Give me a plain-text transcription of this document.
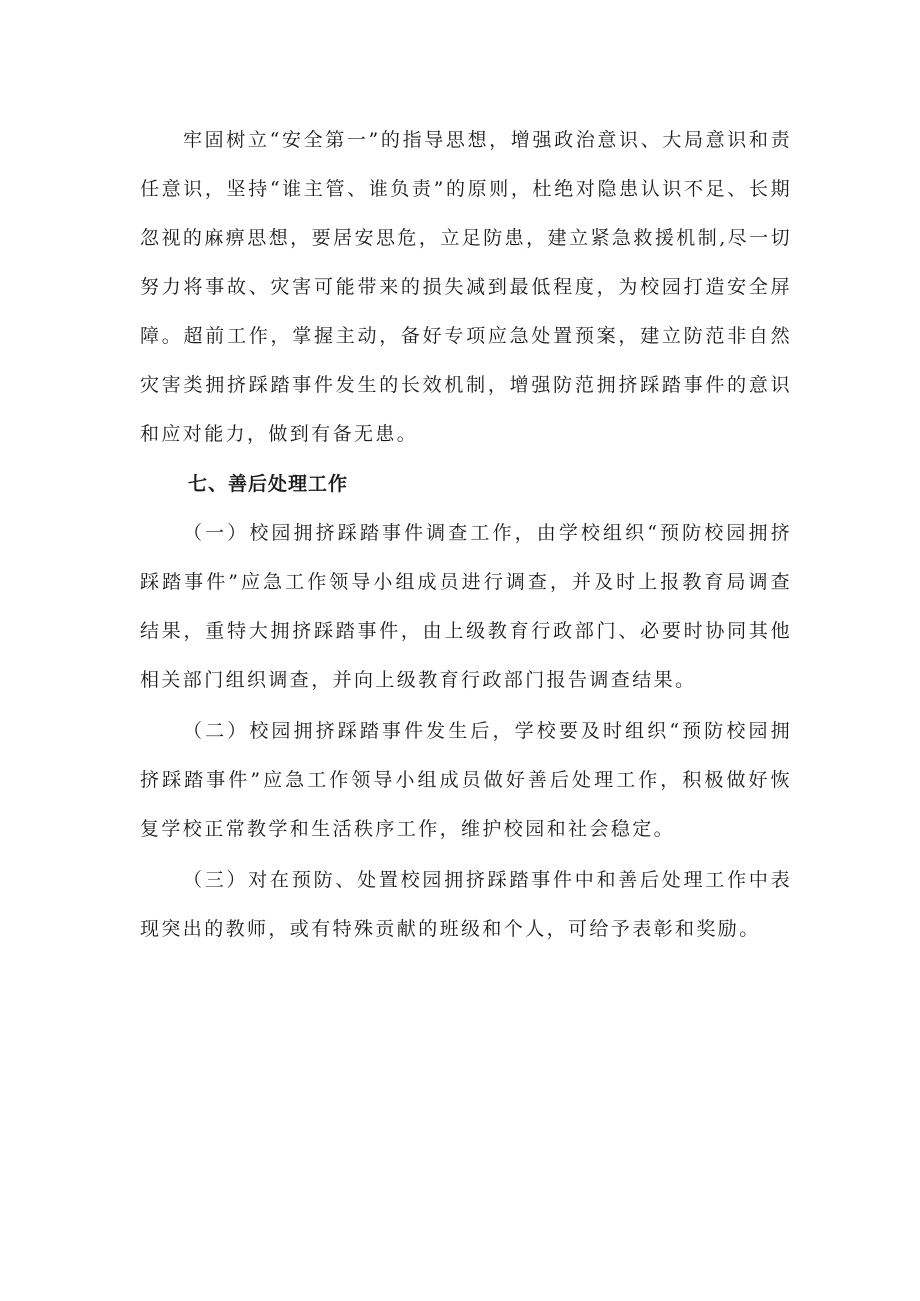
牢固树立“安全第一”的指导思想，增强政治意识、大局意识和责任意识，坚持“谁主管、谁负责”的原则，杜绝对隐患认识不足、长期忽视的麻痹思想，要居安思危，立足防患，建立紧急救援机制,尽一切努力将事故、灾害可能带来的损失减到最低程度，为校园打造安全屏障。超前工作，掌握主动，备好专项应急处置预案，建立防范非自然灾害类拥挤踩踏事件发生的长效机制，增强防范拥挤踩踏事件的意识和应对能力，做到有备无患。

七、善后处理工作

（一）校园拥挤踩踏事件调查工作，由学校组织“预防校园拥挤踩踏事件”应急工作领导小组成员进行调查，并及时上报教育局调查结果，重特大拥挤踩踏事件，由上级教育行政部门、必要时协同其他相关部门组织调查，并向上级教育行政部门报告调查结果。

（二）校园拥挤踩踏事件发生后，学校要及时组织“预防校园拥挤踩踏事件”应急工作领导小组成员做好善后处理工作，积极做好恢复学校正常教学和生活秩序工作，维护校园和社会稳定。

（三）对在预防、处置校园拥挤踩踏事件中和善后处理工作中表现突出的教师，或有特殊贡献的班级和个人，可给予表彰和奖励。
